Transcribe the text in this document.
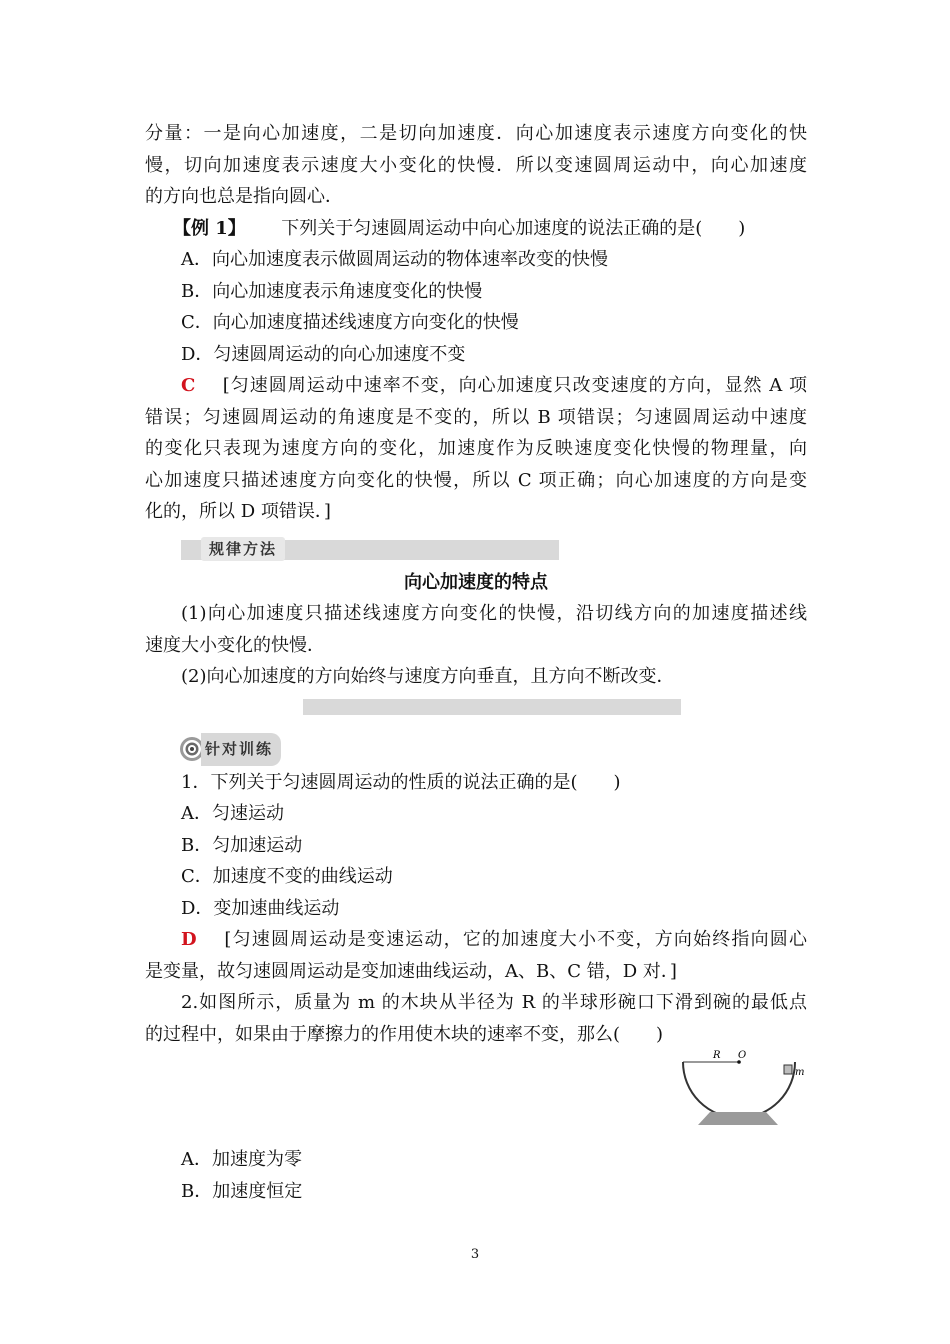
分量：一是向心加速度，二是切向加速度．向心加速度表示速度方向变化的快
慢，切向加速度表示速度大小变化的快慢．所以变速圆周运动中，向心加速度
的方向也总是指向圆心．
【例 1】 下列关于匀速圆周运动中向心加速度的说法正确的是(　　)
A．向心加速度表示做圆周运动的物体速率改变的快慢
B．向心加速度表示角速度变化的快慢
C．向心加速度描述线速度方向变化的快慢
D．匀速圆周运动的向心加速度不变
C [匀速圆周运动中速率不变，向心加速度只改变速度的方向，显然 A 项
错误；匀速圆周运动的角速度是不变的，所以 B 项错误；匀速圆周运动中速度
的变化只表现为速度方向的变化，加速度作为反映速度变化快慢的物理量，向
心加速度只描述速度方向变化的快慢，所以 C 项正确；向心加速度的方向是变
化的，所以 D 项错误．]
规律方法
向心加速度的特点
(1)向心加速度只描述线速度方向变化的快慢，沿切线方向的加速度描述线
速度大小变化的快慢．
(2)向心加速度的方向始终与速度方向垂直，且方向不断改变．
针对训练
1．下列关于匀速圆周运动的性质的说法正确的是(　　)
A．匀速运动
B．匀加速运动
C．加速度不变的曲线运动
D．变加速曲线运动
D [匀速圆周运动是变速运动，它的加速度大小不变，方向始终指向圆心
是变量，故匀速圆周运动是变加速曲线运动，A、B、C 错，D 对．]
2.如图所示，质量为 m 的木块从半径为 R 的半球形碗口下滑到碗的最低点
的过程中，如果由于摩擦力的作用使木块的速率不变，那么(　　)
A．加速度为零
B．加速度恒定
R O
m
3
